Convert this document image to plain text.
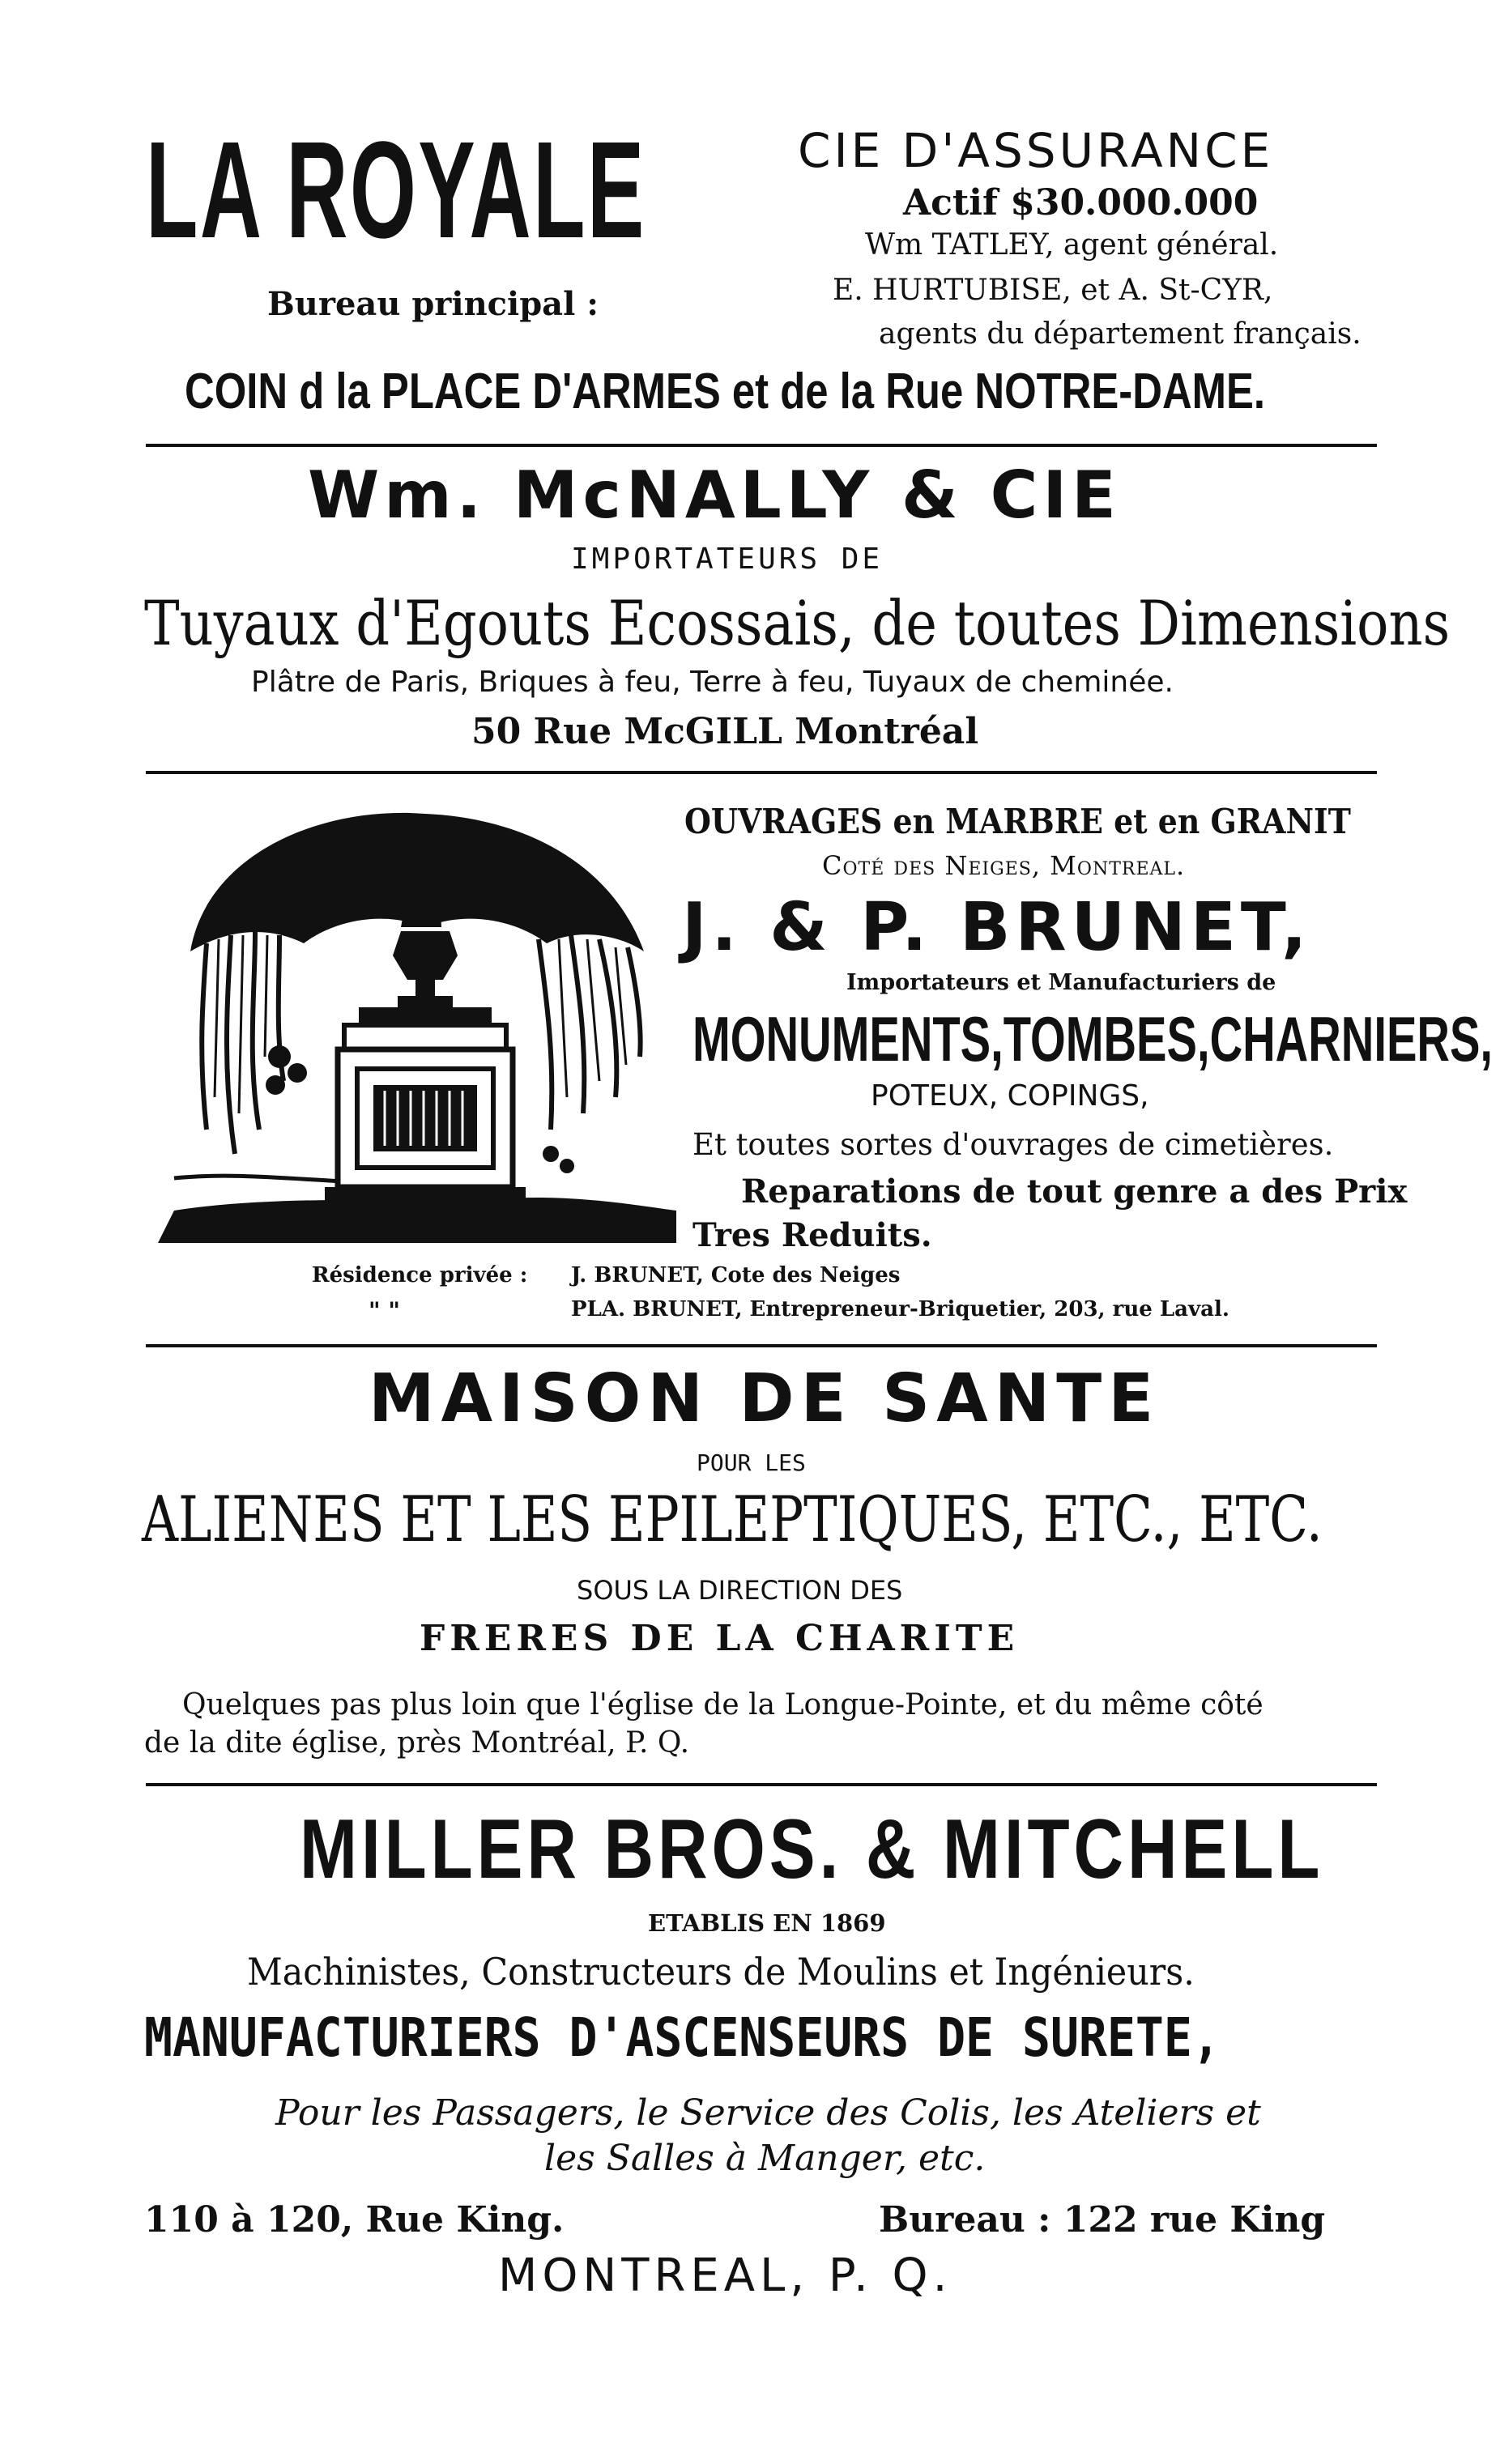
LA ROYALE
Bureau principal :
CIE D'ASSURANCE
Actif $30.000.000
Wm TATLEY, agent général.
E. HURTUBISE, et A. St-CYR,
agents du département français.
COIN d la PLACE D'ARMES et de la Rue NOTRE-DAME.
Wm. McNALLY & CIE
IMPORTATEURS DE
Tuyaux d'Egouts Ecossais, de toutes Dimensions
Plâtre de Paris, Briques à feu, Terre à feu, Tuyaux de cheminée.
50 Rue McGILL Montréal
OUVRAGES en MARBRE et en GRANIT
Coté des Neiges, Montreal.
J. & P. BRUNET,
Importateurs et Manufacturiers de
MONUMENTS,TOMBES,CHARNIERS,
POTEUX, COPINGS,
Et toutes sortes d'ouvrages de cimetières.
Reparations de tout genre a des Prix
Tres Reduits.
Résidence privée : J. BRUNET, Cote des Neiges
" "	PLA. BRUNET, Entrepreneur-Briquetier, 203, rue Laval.
MAISON DE SANTE
POUR LES
ALIENES ET LES EPILEPTIQUES, ETC., ETC.
SOUS LA DIRECTION DES
FRERES DE LA CHARITE
Quelques pas plus loin que l'église de la Longue-Pointe, et du même côté
de la dite église, près Montréal, P. Q.
MILLER BROS. & MITCHELL
ETABLIS EN 1869
Machinistes, Constructeurs de Moulins et Ingénieurs.
MANUFACTURIERS D'ASCENSEURS DE SURETE,
Pour les Passagers, le Service des Colis, les Ateliers et
les Salles à Manger, etc.
110 à 120, Rue King.	Bureau : 122 rue King
MONTREAL, P. Q.
